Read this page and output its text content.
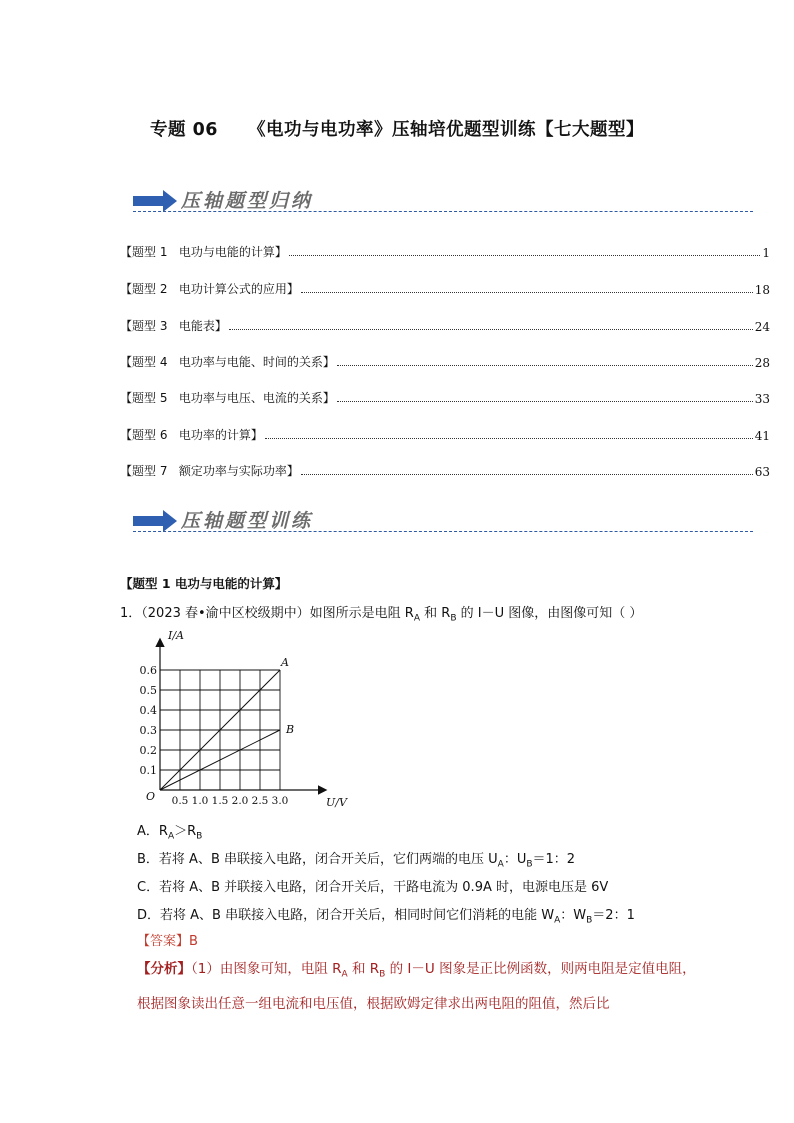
专题 06 《电功与电功率》压轴培优题型训练【七大题型】
压轴题型归纳
【题型 1   电功与电能的计算】	1
【题型 2   电功计算公式的应用】	18
【题型 3   电能表】	24
【题型 4   电功率与电能、时间的关系】	28
【题型 5   电功率与电压、电流的关系】	33
【题型 6   电功率的计算】	41
【题型 7   额定功率与实际功率】	63
压轴题型训练
【题型 1 电功与电能的计算】
1．（2023 春•渝中区校级期中）如图所示是电阻 $R_A$ 和 $R_B$ 的 I－U 图像，由图像可知（ ）
I/A
U/V
O
A
B
0.1
0.2
0.3
0.4
0.5
0.6
0.5 1.0 1.5 2.0 2.5 3.0
A．$R_A>R_B$
B．若将 A、B 串联接入电路，闭合开关后，它们两端的电压 $U_A$：$U_B=1$：2
C．若将 A、B 并联接入电路，闭合开关后，干路电流为 0.9A 时，电源电压是 6V
D．若将 A、B 串联接入电路，闭合开关后，相同时间它们消耗的电能 $W_A$：$W_B=2$：1
【答案】B
【分析】（1）由图象可知，电阻 $R_A$ 和 $R_B$ 的 I－U 图象是正比例函数，则两电阻是定值电阻，根据图象读出任意一组电流和电压值，根据欧姆定律求出两电阻的阻值，然后比
